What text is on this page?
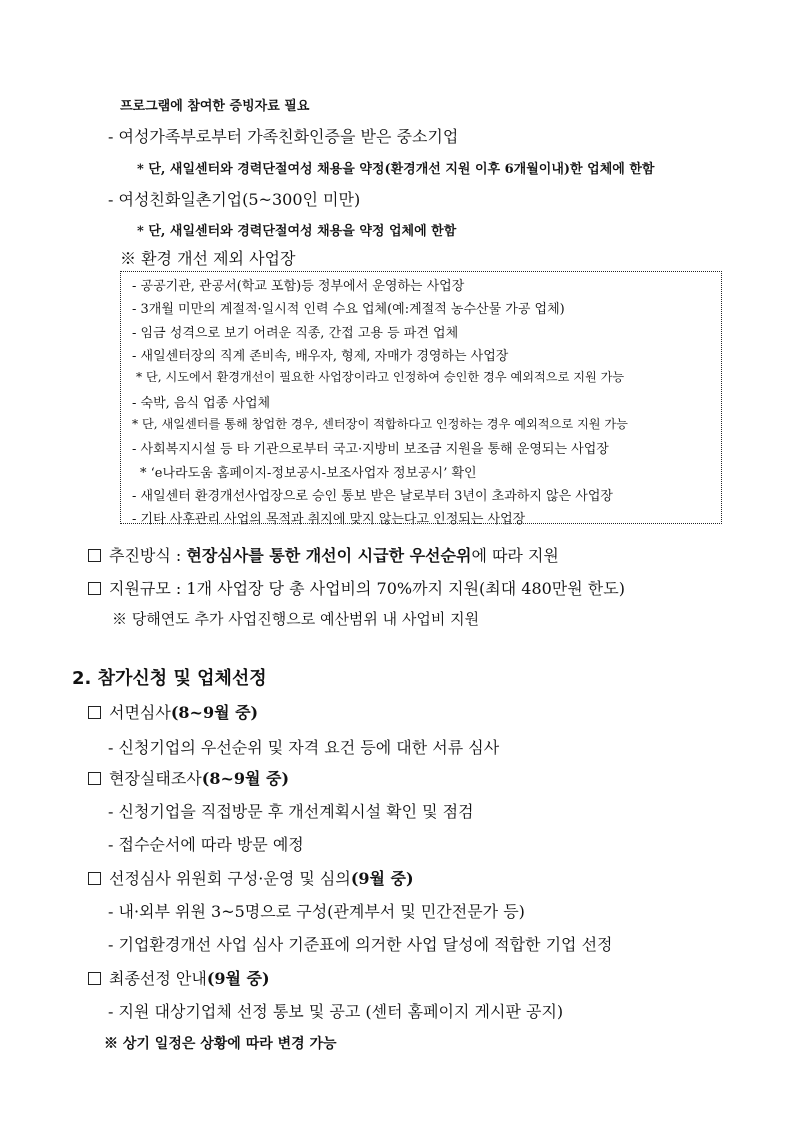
프로그램에 참여한 증빙자료 필요
- 여성가족부로부터 가족친화인증을 받은 중소기업
* 단, 새일센터와 경력단절여성 채용을 약정(환경개선 지원 이후 6개월이내)한 업체에 한함
- 여성친화일촌기업(5~300인 미만)
* 단, 새일센터와 경력단절여성 채용을 약정 업체에 한함
※ 환경 개선 제외 사업장
- 공공기관, 관공서(학교 포함)등 정부에서 운영하는 사업장
- 3개월 미만의 계절적·일시적 인력 수요 업체(예:계절적 농수산물 가공 업체)
- 임금 성격으로 보기 어려운 직종, 간접 고용 등 파견 업체
- 새일센터장의 직계 존비속, 배우자, 형제, 자매가 경영하는 사업장
* 단, 시도에서 환경개선이 필요한 사업장이라고 인정하여 승인한 경우 예외적으로 지원 가능
- 숙박, 음식 업종 사업체
* 단, 새일센터를 통해 창업한 경우, 센터장이 적합하다고 인정하는 경우 예외적으로 지원 가능
- 사회복지시설 등 타 기관으로부터 국고·지방비 보조금 지원을 통해 운영되는 사업장
* ‘e나라도움 홈페이지-정보공시-보조사업자 정보공시’ 확인
- 새일센터 환경개선사업장으로 승인 통보 받은 날로부터 3년이 초과하지 않은 사업장
- 기타 사후관리 사업의 목적과 취지에 맞지 않는다고 인정되는 사업장
추진방식 : 현장심사를 통한 개선이 시급한 우선순위에 따라 지원
지원규모 : 1개 사업장 당 총 사업비의 70%까지 지원(최대 480만원 한도)
※ 당해연도 추가 사업진행으로 예산범위 내 사업비 지원
2. 참가신청 및 업체선정
서면심사(8~9월 중)
- 신청기업의 우선순위 및 자격 요건 등에 대한 서류 심사
현장실태조사(8~9월 중)
- 신청기업을 직접방문 후 개선계획시설 확인 및 점검
- 접수순서에 따라 방문 예정
선정심사 위원회 구성·운영 및 심의(9월 중)
- 내·외부 위원 3~5명으로 구성(관계부서 및 민간전문가 등)
- 기업환경개선 사업 심사 기준표에 의거한 사업 달성에 적합한 기업 선정
최종선정 안내(9월 중)
- 지원 대상기업체 선정 통보 및 공고 (센터 홈페이지 게시판 공지)
※ 상기 일정은 상황에 따라 변경 가능
